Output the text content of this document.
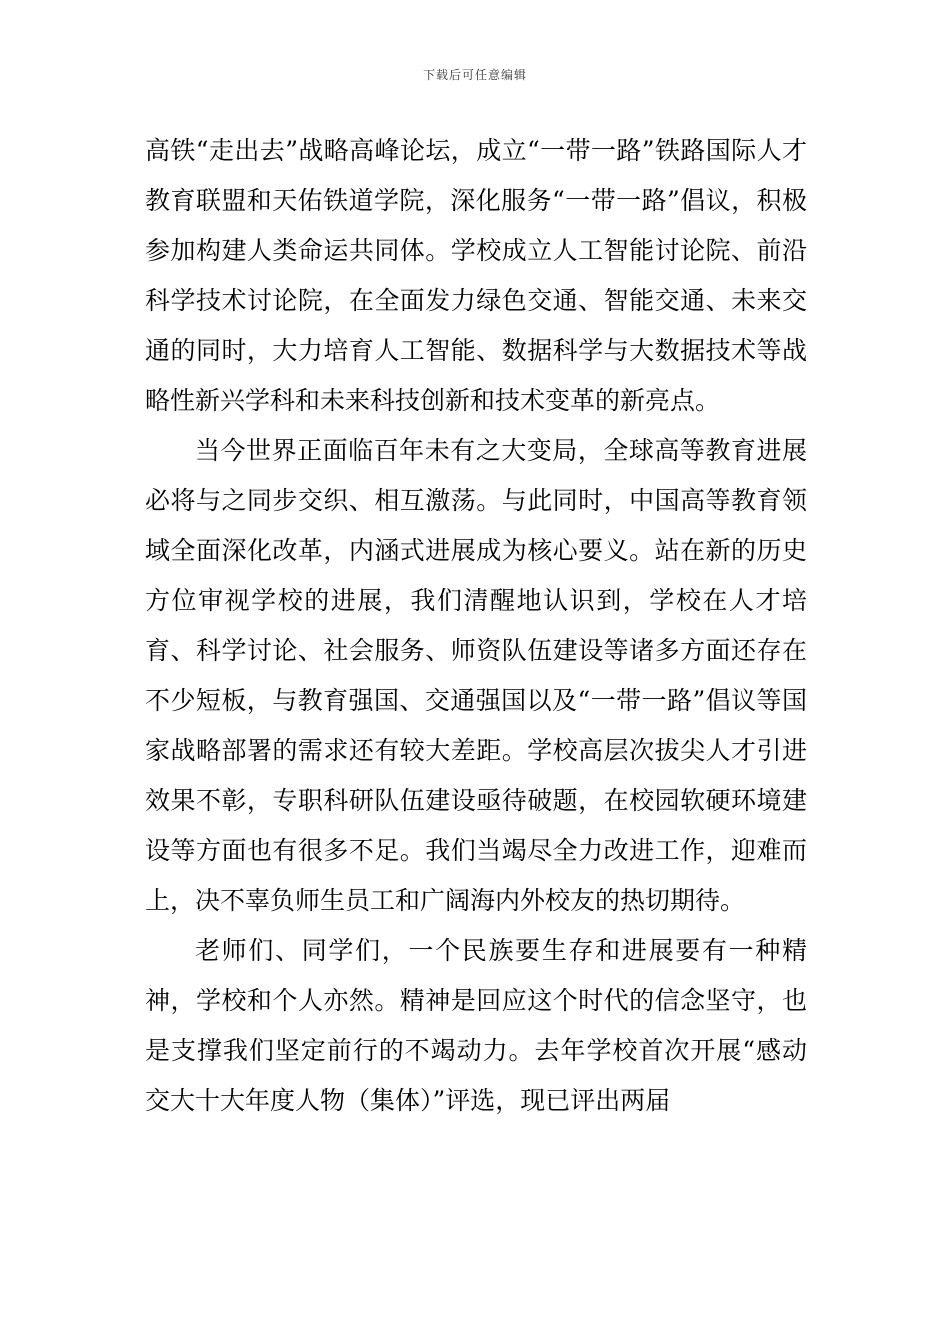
下载后可任意编辑

高铁“走出去”战略高峰论坛，成立“一带一路”铁路国际人才教育联盟和天佑铁道学院，深化服务“一带一路”倡议，积极参加构建人类命运共同体。学校成立人工智能讨论院、前沿科学技术讨论院，在全面发力绿色交通、智能交通、未来交通的同时，大力培育人工智能、数据科学与大数据技术等战略性新兴学科和未来科技创新和技术变革的新亮点。

当今世界正面临百年未有之大变局，全球高等教育进展必将与之同步交织、相互激荡。与此同时，中国高等教育领域全面深化改革，内涵式进展成为核心要义。站在新的历史方位审视学校的进展，我们清醒地认识到，学校在人才培育、科学讨论、社会服务、师资队伍建设等诸多方面还存在不少短板，与教育强国、交通强国以及“一带一路”倡议等国家战略部署的需求还有较大差距。学校高层次拔尖人才引进效果不彰，专职科研队伍建设亟待破题，在校园软硬环境建设等方面也有很多不足。我们当竭尽全力改进工作，迎难而上，决不辜负师生员工和广阔海内外校友的热切期待。

老师们、同学们，一个民族要生存和进展要有一种精神，学校和个人亦然。精神是回应这个时代的信念坚守，也是支撑我们坚定前行的不竭动力。去年学校首次开展“感动交大十大年度人物（集体）”评选，现已评出两届
